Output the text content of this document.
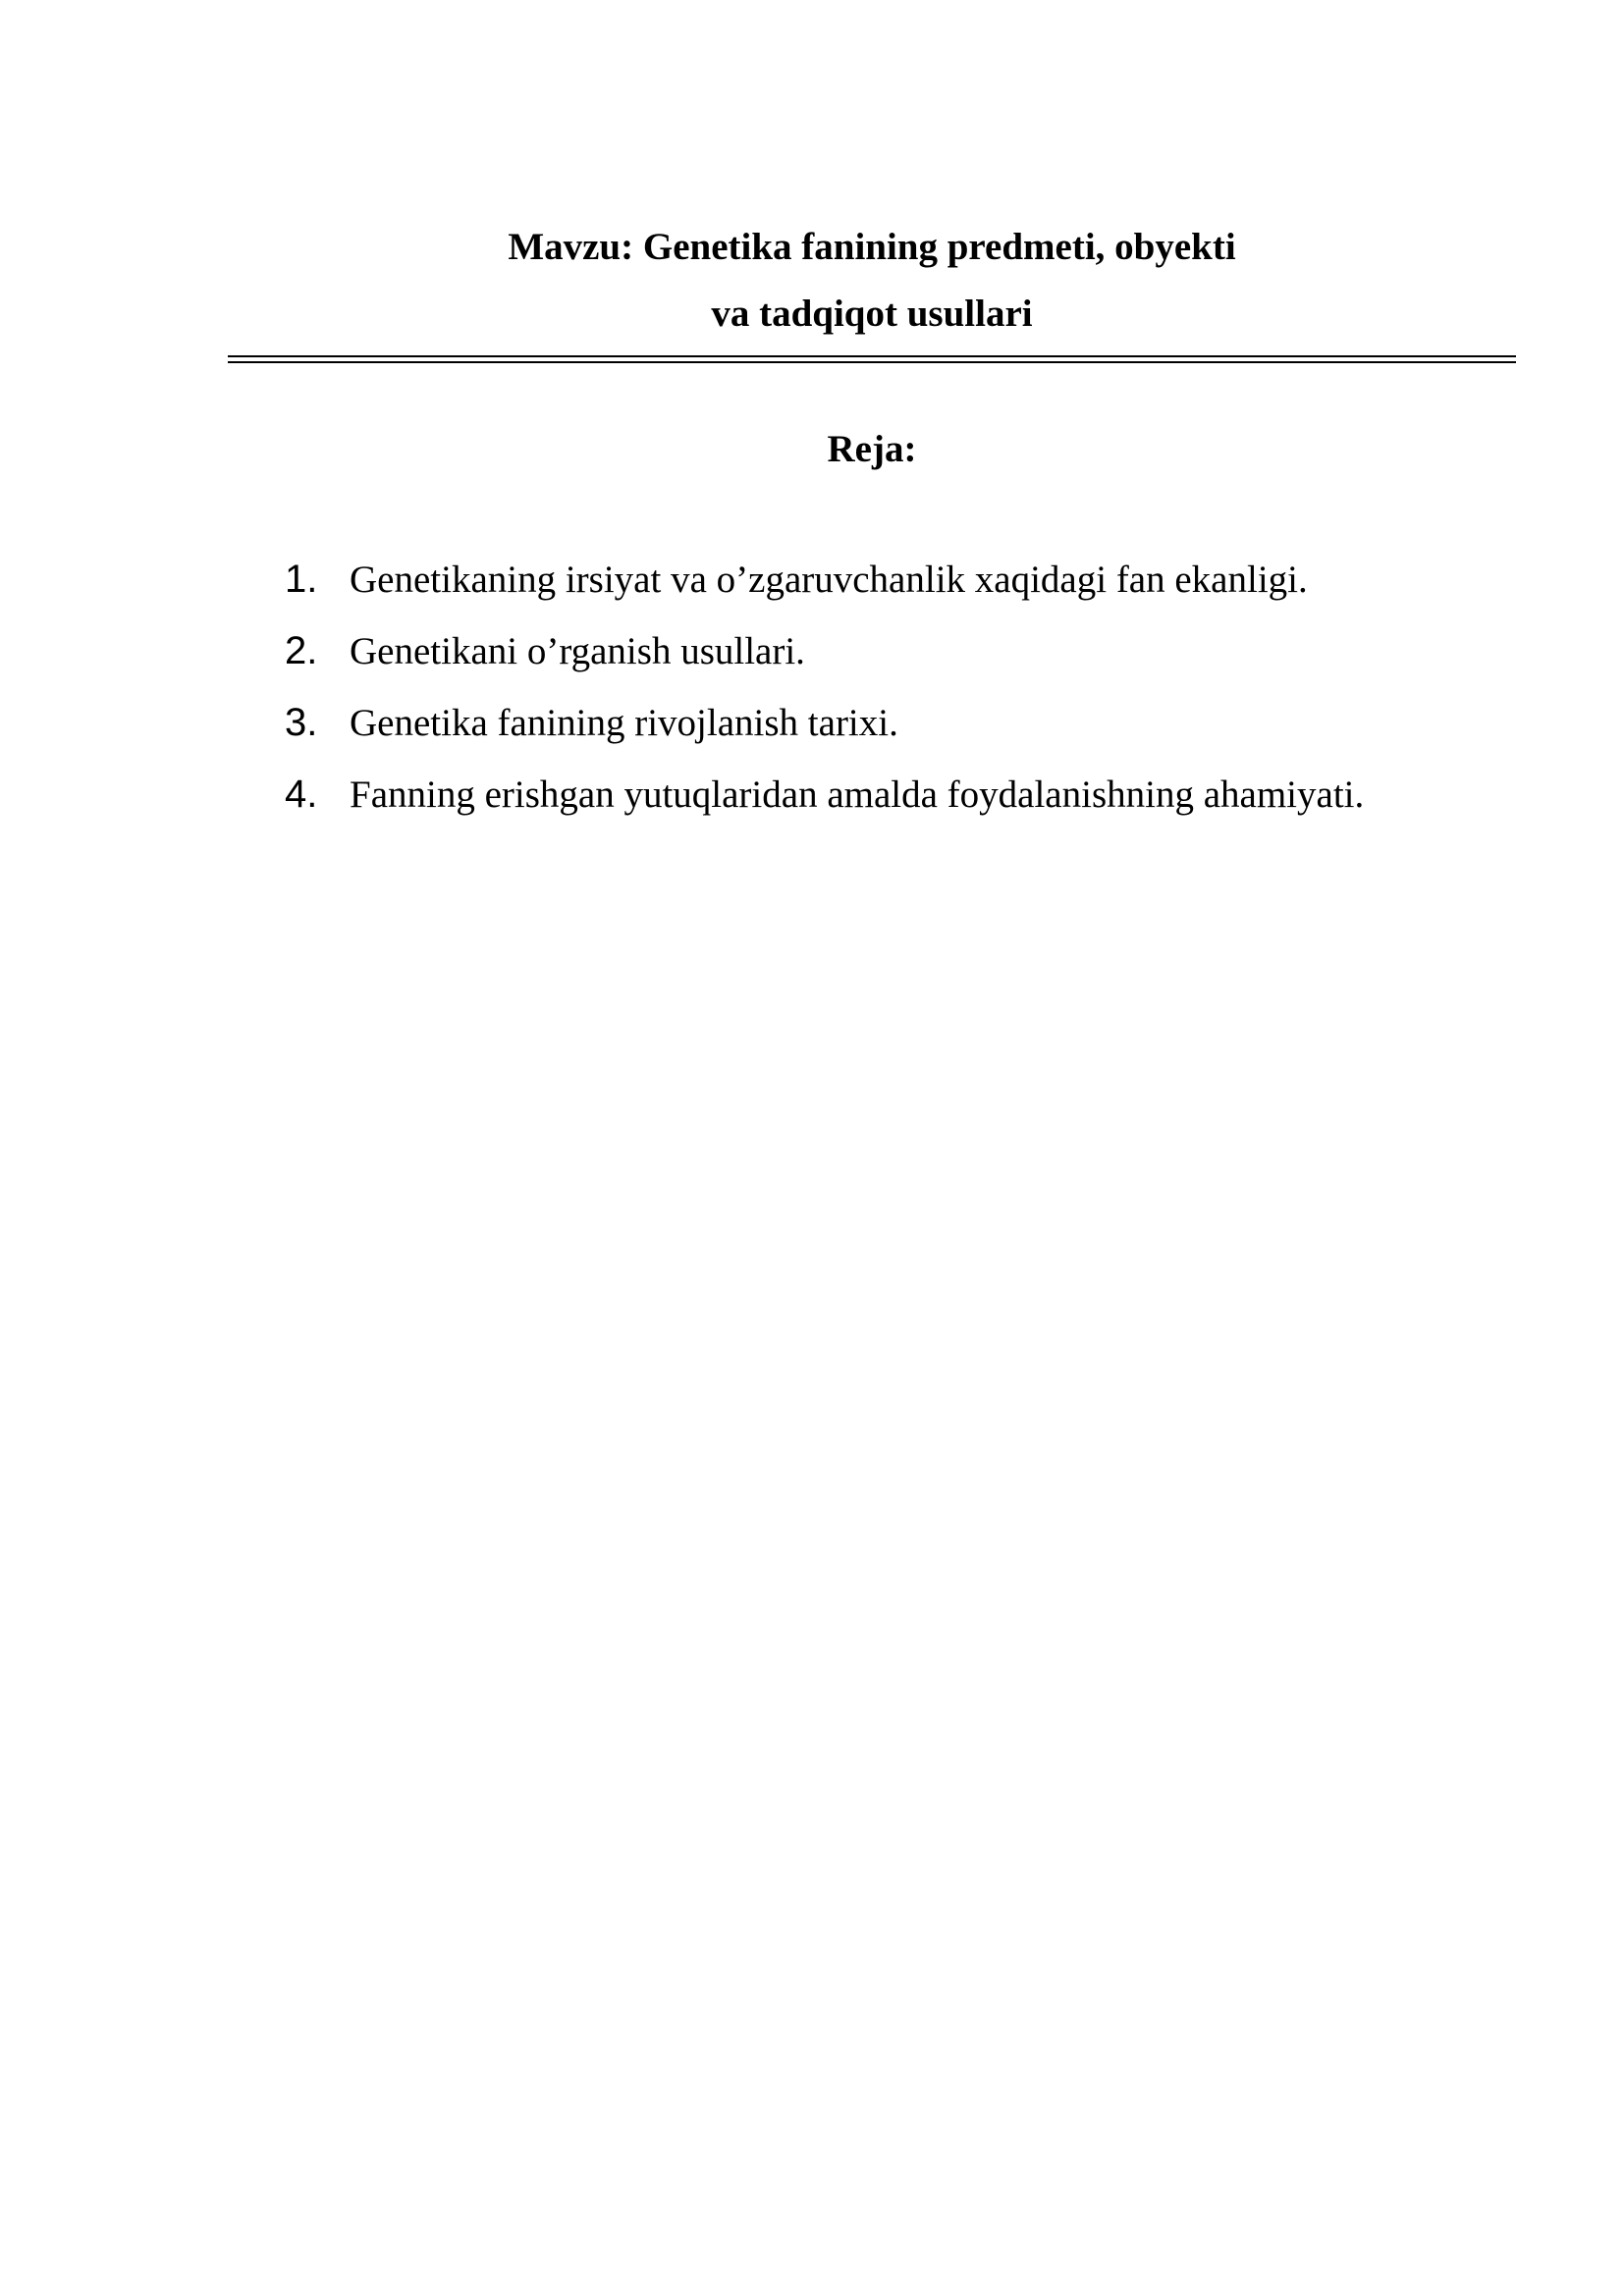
Mavzu: Genetika fanining predmeti, obyekti

va tadqiqot usullari

Reja:

1. Genetikaning irsiyat va o’zgaruvchanlik xaqidagi fan ekanligi.
2. Genetikani o’rganish usullari.
3. Genetika fanining rivojlanish tarixi.
4. Fanning erishgan yutuqlaridan amalda foydalanishning ahamiyati.
